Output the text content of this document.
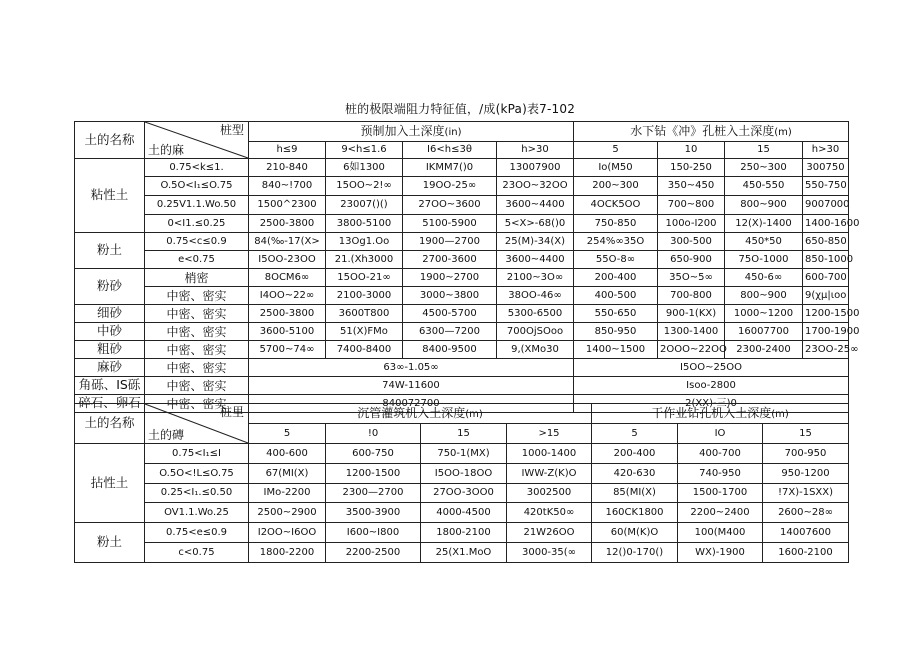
桩的极限端阻力特征值，/成(kPa)表7-102
土的名称	桩型
土的麻	预制加入土深度(in)				水下钻《冲》孔桩入土深度(m)			
		h≤9	9<h≤1.6	I6<h≤3θ	h>30	5	10	15	h>30
粘性土	0.75<k≤1.	210-840	6如1300	IKMM7()0	13007900	Io(M50	150-250	250~300	300750
	O.5O<I₁≤O.75	840~!700	15OO~2!∞	19OO-25∞	23OO~32OO	200~300	350~450	450-550	550-750
	0.25V1.1.Wo.50	1500^2300	23007()()	27OO~3600	3600~4400	4OCK5OO	700~800	800~900	9007000
	0<I1.≤0.25	2500-3800	3800-5100	5100-5900	5<X>-68()0	750-850	100o-I200	12(X)-1400	1400-1600
粉土	0.75<c≤0.9	84(‰-17(X>	13Og1.Oo	1900—2700	25(M)-34(X)	254%∞35O	300-500	450*50	650-850
	e<0.75	I5OO-23OO	21.(Xh3000	2700-3600	3600~4400	55O-8∞	650-900	75O-1000	850-1000
粉砂	梢密	8OCM6∞	15OO-21∞	1900~2700	2100~3O∞	200-400	35O~5∞	450-6∞	600-700
	中密、密实	I4OO~22∞	2100-3000	3000~3800	38OO-46∞	400-500	700-800	800~900	9(χμ|ιoo
细砂	中密、密实	2500-3800	3600T800	4500-5700	5300-6500	550-650	900-1(KX)	1000~1200	1200-1500
中砂	中密、密实	3600-5100	51(X)FMo	6300—7200	700OjSOoo	850-950	1300-1400	16007700	1700-1900
粗砂	中密、密实	5700~74∞	7400-8400	8400-9500	9,(XMo30	1400~1500	2OOO~22OO	2300-2400	23OO-25∞
麻砂	中密、密实	63∞-1.05∞				I5OO~25OO			
角砾、IS砾	中密、密实	74W-11600				Isoo-2800			
碎石、卵石	中密、密实	840072700				2(XX)-三)0			
土的名称	桩里
土的磚	沉管灌筑机入土深度(m)				干作业钻孔机入土深度(m)		
		5	!0	15	>15	5	IO	15
拈性土	0.75<I₁≤I	400-600	600-750	750-1(MX)	1000-1400	200-400	400-700	700-950
	O.5O<!L≤O.75	67(MI(X)	1200-1500	I5OO-18OO	IWW-Z(K)O	420-630	740-950	950-1200
	0.25<I₁.≤0.50	IMo-2200	2300—2700	27OO-3OO0	3002500	85(MI(X)	1500-1700	!7X)-1SXX)
	OV1.1.Wo.25	2500~2900	3500-3900	4000-4500	420tK50∞	160CK1800	2200~2400	2600~28∞
粉土	0.75<e≤0.9	I2OO~I6OO	I600~I800	1800-2100	21W26OO	60(M(K)O	100(M400	14007600
	c<0.75	1800-2200	2200-2500	25(X1.MoO	3000-35(∞	12()0-170()	WX)-1900	1600-2100
